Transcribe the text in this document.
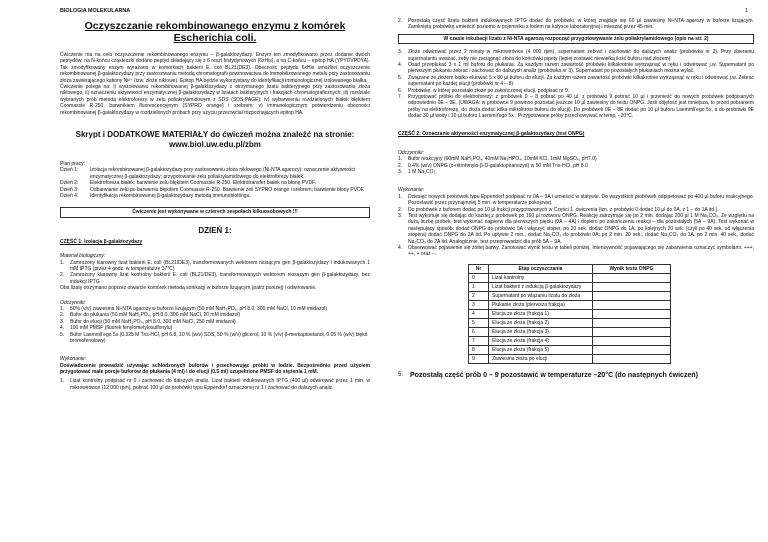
BIOLOGIA MOLEKULARNA
Oczyszczanie rekombinowanego enzymu z komórek Escherichia coli.

Ćwiczenie ma na celu oczyszczenie rekombinowanego enzymu – β-galaktozydazy. Enzym ten zmodyfikowano przez dodanie dwóch peptydów: na N-końcu cząsteczki dodano peptyd składający się z 6 reszt histydynowych (6xHis), a na C-końcu – epitop HA (YPYDVPDYA). Tak zmodyfikowany enzym wyrażano w komórkach bakterii E. coli BL21(DE3). Obecność peptydu 6xHis umożliwi oczyszczenie rekombinowanej β-galaktozydazy przy zastosowaniu metodą chromatografii powinowactwa do immobilizowanego metalu przy zastosowaniu złoża zawierającego kationy Ni²⁺ (tzw. złoże niklowe). Epitop HA będzie wykorzystany do identyfikacji immunologicznej izolowanego białka.

Ćwiczenie polega na: i) wyizolowaniu rekombinowanej β-galaktozydazy z otrzymanego lizatu bakteryjnego przy zastosowaniu złoża niklowego; ii) oznaczeniu aktywności enzymatycznej β-galaktozydazy w lizatach bakteryjnych i frakcjach chromatograficznych; iii) rozdziale wybranych prób metodą elektroforezy w żelu poliakrylamidowym z SDS (SDS-PAGE); iv) wybarwieniu rozdzielonych białek błękitem Coomassie R-250, barwnikiem fluorescencyjnym (SYPRO orange) i srebrem; v) immunologicznym potwierdzeniu obecności rekombinowanej β-galaktozydazy w rozdzielonych próbach przy użyciu przeciwciał rozpoznających epitop HA.

Skrypt i DODATKOWE MATERIAŁY do ćwiczeń można znaleźć na stronie: www.biol.uw.edu.pl/zbm
Plan pracy:
Dzień 1:	Izolacja rekombinowanej β-galaktozydazy przy zastosowaniu złoża niklowego (Ni-NTA agarozy); oznaczenie aktywności enzymatycznej β-galaktozydazy; przygotowanie żelu poliakrylamidowego do elektroforezy białek.
Dzień 2:	Elektroforeza białek; barwienie żelu błękitem Coomassie R-250. Elektrotransfer białek na błonę PVDF.
Dzień 3:	Odbarwianie żelu po barwieniu błękitem Coomassie R-250. Barwienie żeli SYPRO orange i srebrem; barwienie błony PVDF.
Dzień 4:	Identyfikacja rekombinowanej β-galaktozydazy metodą immunoblottingu.
Ćwiczenie jest wykonywane w czterech zespołach kilkuosobowych !!!
DZIEŃ 1:
CZĘŚĆ 1: Izolacja β-galaktozydazy
Materiał biologiczny:
1.	Zamrożony klarowny lizat bakterii E. coli (BL21/DE3), transformowanych wektorem niosącym gen β-galaktozydazy i indukowanych 1 mM IPTG (przez 4 godz. w temperaturze 37°C)
2.	Zamrożony klarowny lizat kontrolny bakterii E. coli (BL21/DE3), transformowanych wektorem niosącym gen β-galaktozydazy, bez indukcji IPTG

Oba lizaty otrzymano poprzez otwarcie komórek metodą sonikacji w buforze lizującym (patrz poniżej) i odwirowanie.

Odczynniki:
1.	50% (v/v) zawiesina Ni-NTA agarozy w buforze lizującym (50 mM NaH₂PO₄, pH 8.0, 300 mM NaCl, 10 mM imidazol)
2.	Bufor do płukania (50 mM NaH₂PO₄, pH 8.0, 300 mM NaCl, 20 mM imidazol)
3.	Bufor do elucji (50 mM NaH₂PO₄, pH 8.0, 300 mM NaCl, 250 mM imidazol)
4.	100 mM PMSF (fluorek fenylometylosulfonylu)
5.	Bufor Laemmli'ego 5x (0.325 M Tris-HCl, pH 6.8, 10 % (w/v) SDS, 50 % (w/v) glicerol, 10 % (v/v) β-merkaptoetanol, 0.05 % (w/v) błękit bromofenolowy)
Wykonanie:

Doświadczenie prowadzić używając schłodzonych buforów i przechowując próbki w lodzie. Bezpośrednio przed użyciem przygotować małe porcje buforów do płukania (4 ml) i do elucji (0.5 ml) uzupełnione PMSF do stężenia 1 mM.

1.	Lizat kontrolny podpisać nr 0 i zachować do dalszych analiz. Lizat bakterii indukowanych IPTG (400 µl) odwirować przez 1 min. w mikrowirówce (12 000 rpm), pobrać 100 µl do probówki typu Eppendorf oznaczonej nr 1 i zachować do dalszych analiz.
1
2.	Pozostałą część lizatu bakterii indukowanych IPTG dodać do probówki, w której znajduje się 60 µl zawiesiny Ni-NTA agarozy w buforze lizującym. Zamkniętą probówkę umieścić poziomo w pojemniku z lodem na kołysce laboratoryjnej i mieszać przez 45 min.
W czasie inkubacji lizatu z Ni-NTA agarozą rozpocząć przygotowywanie żelu poliakrylamidowego (opis na str. 2)
3.	Złoże odwirować przez 2 minuty w mikrowirówce (4 000 rpm), supernatant zebrać i zachować do dalszych analiz (probówka nr 2). Przy zbieraniu supernatantu uważać, żeby nie zaciągnąć złoża do końcówki pipety (lepiej zostawić niewielką ilość buforu nad złożem).
4.	Osad przepłukać 3 x 1 ml buforu do płukania. Za każdym razem zawartość probówki kilkakrotnie wytrząsnąć w ręku i odwirować j.w. Supernatant po pierwszym płukaniu zebrać i zachować do dalszych analiz (probówka nr 3). Supernatant po pozostałych płukaniach można wylać.
5.	Związane ze złożem białko eluować 5 x 80 µl buforu do elucji. Za każdym razem zawartość probówki kilkakrotnie wytrząsnąć w ręku i odwirować j.w. Zebrać supernatant po każdej elucji (probówki nr 4 – 8).
6.	Probówkę, w której pozostało złoże po zakończonej elucji, podpisać nr 9.
7.	Przygotować próbki do elektroforezy: z probówek 0 – 8 pobrać po 40 µl, z probówki 9 pobrać 10 µl i przenieść do nowych probówek podpisanych odpowiednio 0E – 9E. (UWAGA: w probówce 9 powinno pozostać jeszcze 10 µl zawiesiny do testu ONPG. Jeśli objętość jest mniejsza, to przed pobraniem próby na elektroforezę, do złoża dodać kilka mikrolitrów buforu do elucji). Do probówek 0E – 8E dodać po 10 µl buforu Laemmli'ego 5x, a do probówki 9E dodać 30 µl wody i 10 µl buforu Laemmli'ego 5x . Przygotowane próby przechowywać w temp. –20°C.
CZĘŚĆ 2: Oznaczanie aktywności enzymatycznej β-galaktozydazy (test ONPG)
Odczynniki:
1.	Bufor reakcyjny (60mM NaH₂PO₄, 40mM Na₂HPO₄, 10mM KCl, 1mM MgSO₄, pH7.0)
2.	0.4% (w/v) ONPG (o-nitrofenylo-β-D-galaktopiranozyd) w 50 mM Tris-HCl, pH 8.0
3.	1 M Na₂CO₃
Wykonanie:
1.	Dziesięć nowych probówek typu Eppendorf podpisać nr 0A – 9A i umieścić w statywie. Do wszystkich probówek odpipetować po 400 µl buforu reakcyjnego. Pozostawić przez przynajmniej 5 min. w temperaturze pokojowej.
2.	Do probówek z buforem dodać po 10 µl frakcji przygotowanych w Części 1. ćwiczenia (tzn. z probówki 0 dodać 10 µl do 0A, z 1 – do 1A itd.).
3.	Test wykonuje się dodając do każdej z probówek po 160 µl roztworu ONPG. Reakcję zatrzymuje się po 2 min. dodając 200 µl 1 M Na₂CO₃. Ze względu na dużą liczbę próbek, test wykonać najpierw dla pierwszych pięciu (0A – 4A) i dopiero po zakończeniu reakcji – dla pozostałych (5A – 9A). Test wykonać w następujący sposób: dodać ONPG do probówki 0A i włączyć stoper, po 20 sek. dodać ONPG do 1A, po kolejnych 20 sek. (czyli po 40 sek. od włączenia stopera) dodać ONPG do 2A itd. Po upływie 2 min., dodać Na₂CO₃ do probówki 0A; po 2 min. 20 sek., dodać Na₂CO₃ do 1A, po 2 min. 40 sek., dodać Na₂CO₃ do 2A itd. Analogicznie, test przeprowadzić dla prób 5A – 9A.
4.	Obserwować pojawienie się żółtej barwy. Zanotować wynik testu w tabeli poniżej. Intensywność pojawiającego się zabarwienia oznaczyć symbolami: +++, ++, + oraz –.
Nr	Etap oczyszczania	Wynik testu ONPG
0	Lizat kontrolny	
1	Lizat bakterii z indukcją β-galaktozydazy	
2	Supernatant po wiązaniu lizatu do złoża	
3	Płukanie złoża (pierwsza frakcja)	
4	Elucja ze złoża (frakcja 1)	
5	Elucja ze złoża (frakcja 2)	
6	Elucja ze złoża (frakcja 3)	
7	Elucja ze złoża (frakcja 4)	
8	Elucja ze złoża (frakcja 5)	
9	Zawiesina złoża po elucji	
5. Pozostałą część prób 0 – 9 pozostawić w temperaturze –20°C (do następnych ćwiczeń)
